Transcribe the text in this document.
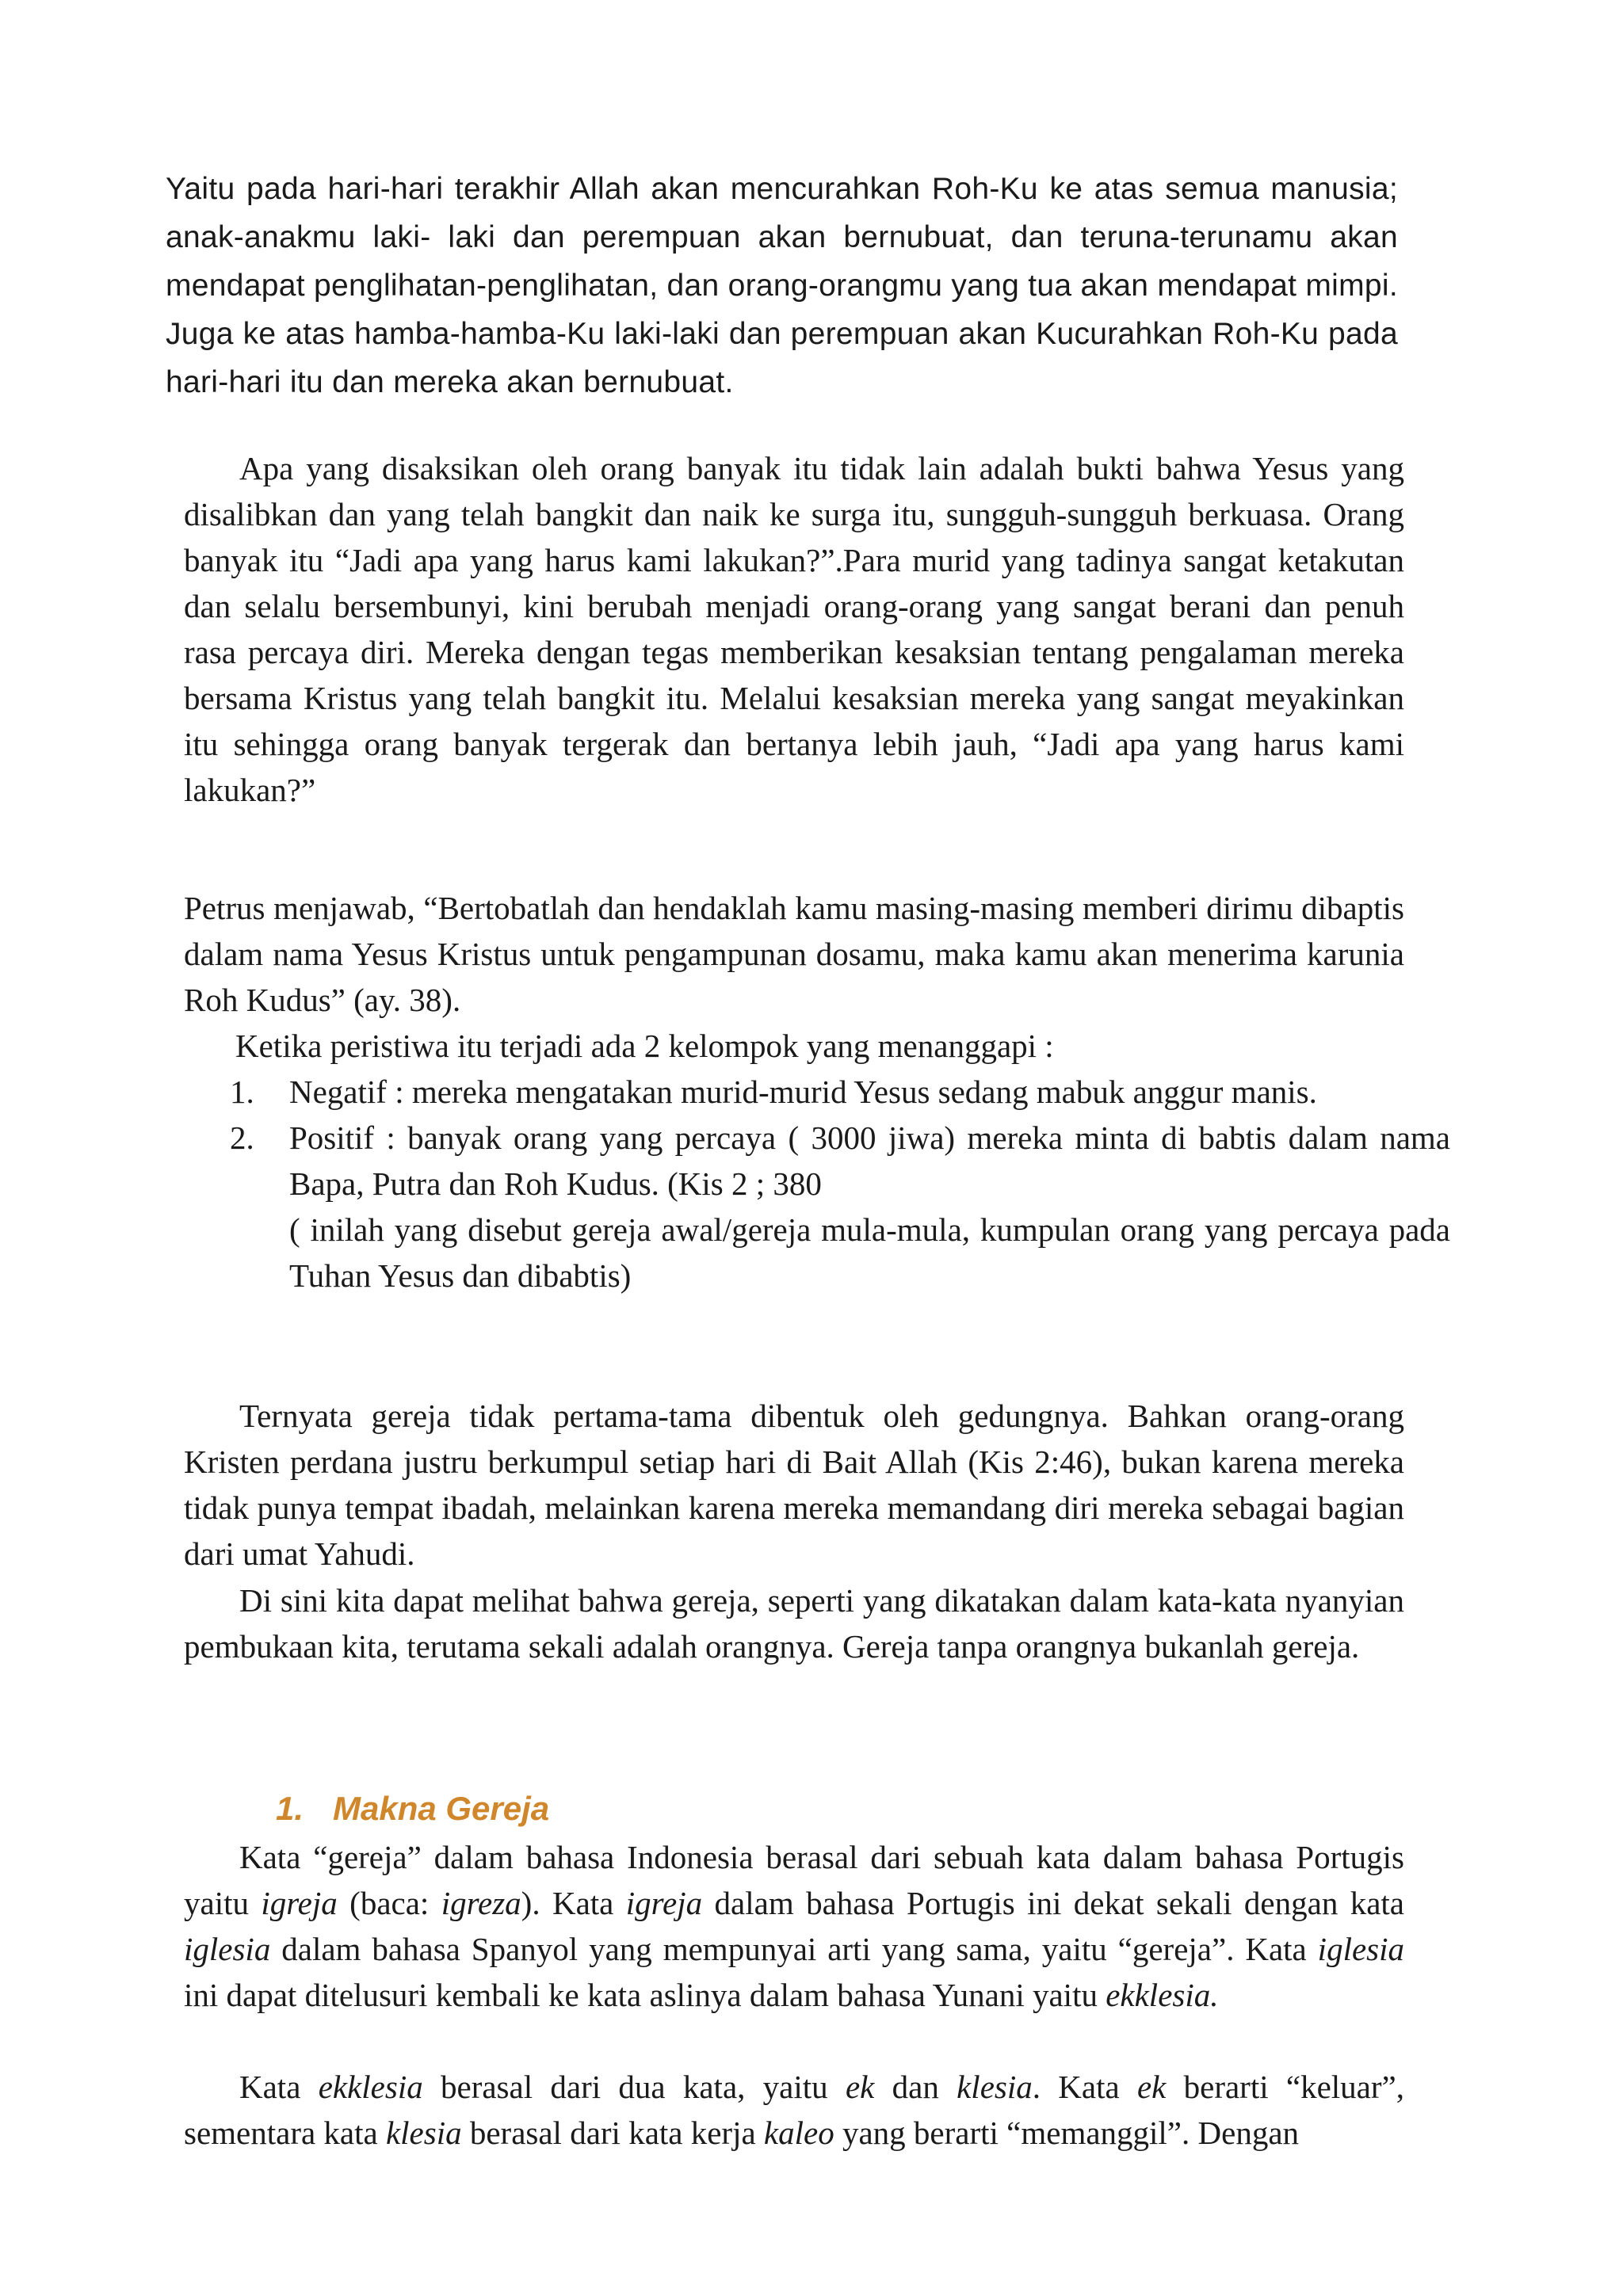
Yaitu pada hari-hari terakhir Allah akan mencurahkan Roh-Ku ke atas semua manusia; anak-anakmu laki- laki dan perempuan akan bernubuat, dan teruna-terunamu akan mendapat penglihatan-penglihatan, dan orang-orangmu yang tua akan mendapat mimpi. Juga ke atas hamba-hamba-Ku laki-laki dan perempuan akan Kucurahkan Roh-Ku pada hari-hari itu dan mereka akan bernubuat.

Apa yang disaksikan oleh orang banyak itu tidak lain adalah bukti bahwa Yesus yang disalibkan dan yang telah bangkit dan naik ke surga itu, sungguh-sungguh berkuasa. Orang banyak itu “Jadi apa yang harus kami lakukan?”.Para murid yang tadinya sangat ketakutan dan selalu bersembunyi, kini berubah menjadi orang-orang yang sangat berani dan penuh rasa percaya diri. Mereka dengan tegas memberikan kesaksian tentang pengalaman mereka bersama Kristus yang telah bangkit itu. Melalui kesaksian mereka yang sangat meyakinkan itu sehingga orang banyak tergerak dan bertanya lebih jauh, “Jadi apa yang harus kami lakukan?”

Petrus menjawab, “Bertobatlah dan hendaklah kamu masing-masing memberi dirimu dibaptis dalam nama Yesus Kristus untuk pengampunan dosamu, maka kamu akan menerima karunia Roh Kudus” (ay. 38).

Ketika peristiwa itu terjadi ada 2 kelompok yang menanggapi :

1. Negatif : mereka mengatakan murid-murid Yesus sedang mabuk anggur manis.
2. Positif : banyak orang yang percaya ( 3000 jiwa) mereka minta di babtis dalam nama Bapa, Putra dan Roh Kudus. (Kis 2 ; 380

( inilah yang disebut gereja awal/gereja mula-mula, kumpulan orang yang percaya pada Tuhan Yesus dan dibabtis)

Ternyata gereja tidak pertama-tama dibentuk oleh gedungnya. Bahkan orang-orang Kristen perdana justru berkumpul setiap hari di Bait Allah (Kis 2:46), bukan karena mereka tidak punya tempat ibadah, melainkan karena mereka memandang diri mereka sebagai bagian dari umat Yahudi.

Di sini kita dapat melihat bahwa gereja, seperti yang dikatakan dalam kata-kata nyanyian pembukaan kita, terutama sekali adalah orangnya. Gereja tanpa orangnya bukanlah gereja.

1. Makna Gereja

Kata “gereja” dalam bahasa Indonesia berasal dari sebuah kata dalam bahasa Portugis yaitu igreja (baca: igreza). Kata igreja dalam bahasa Portugis ini dekat sekali dengan kata iglesia dalam bahasa Spanyol yang mempunyai arti yang sama, yaitu “gereja”. Kata iglesia ini dapat ditelusuri kembali ke kata aslinya dalam bahasa Yunani yaitu ekklesia.

Kata ekklesia berasal dari dua kata, yaitu ek dan klesia. Kata ek berarti “keluar”, sementara kata klesia berasal dari kata kerja kaleo yang berarti “memanggil”. Dengan
